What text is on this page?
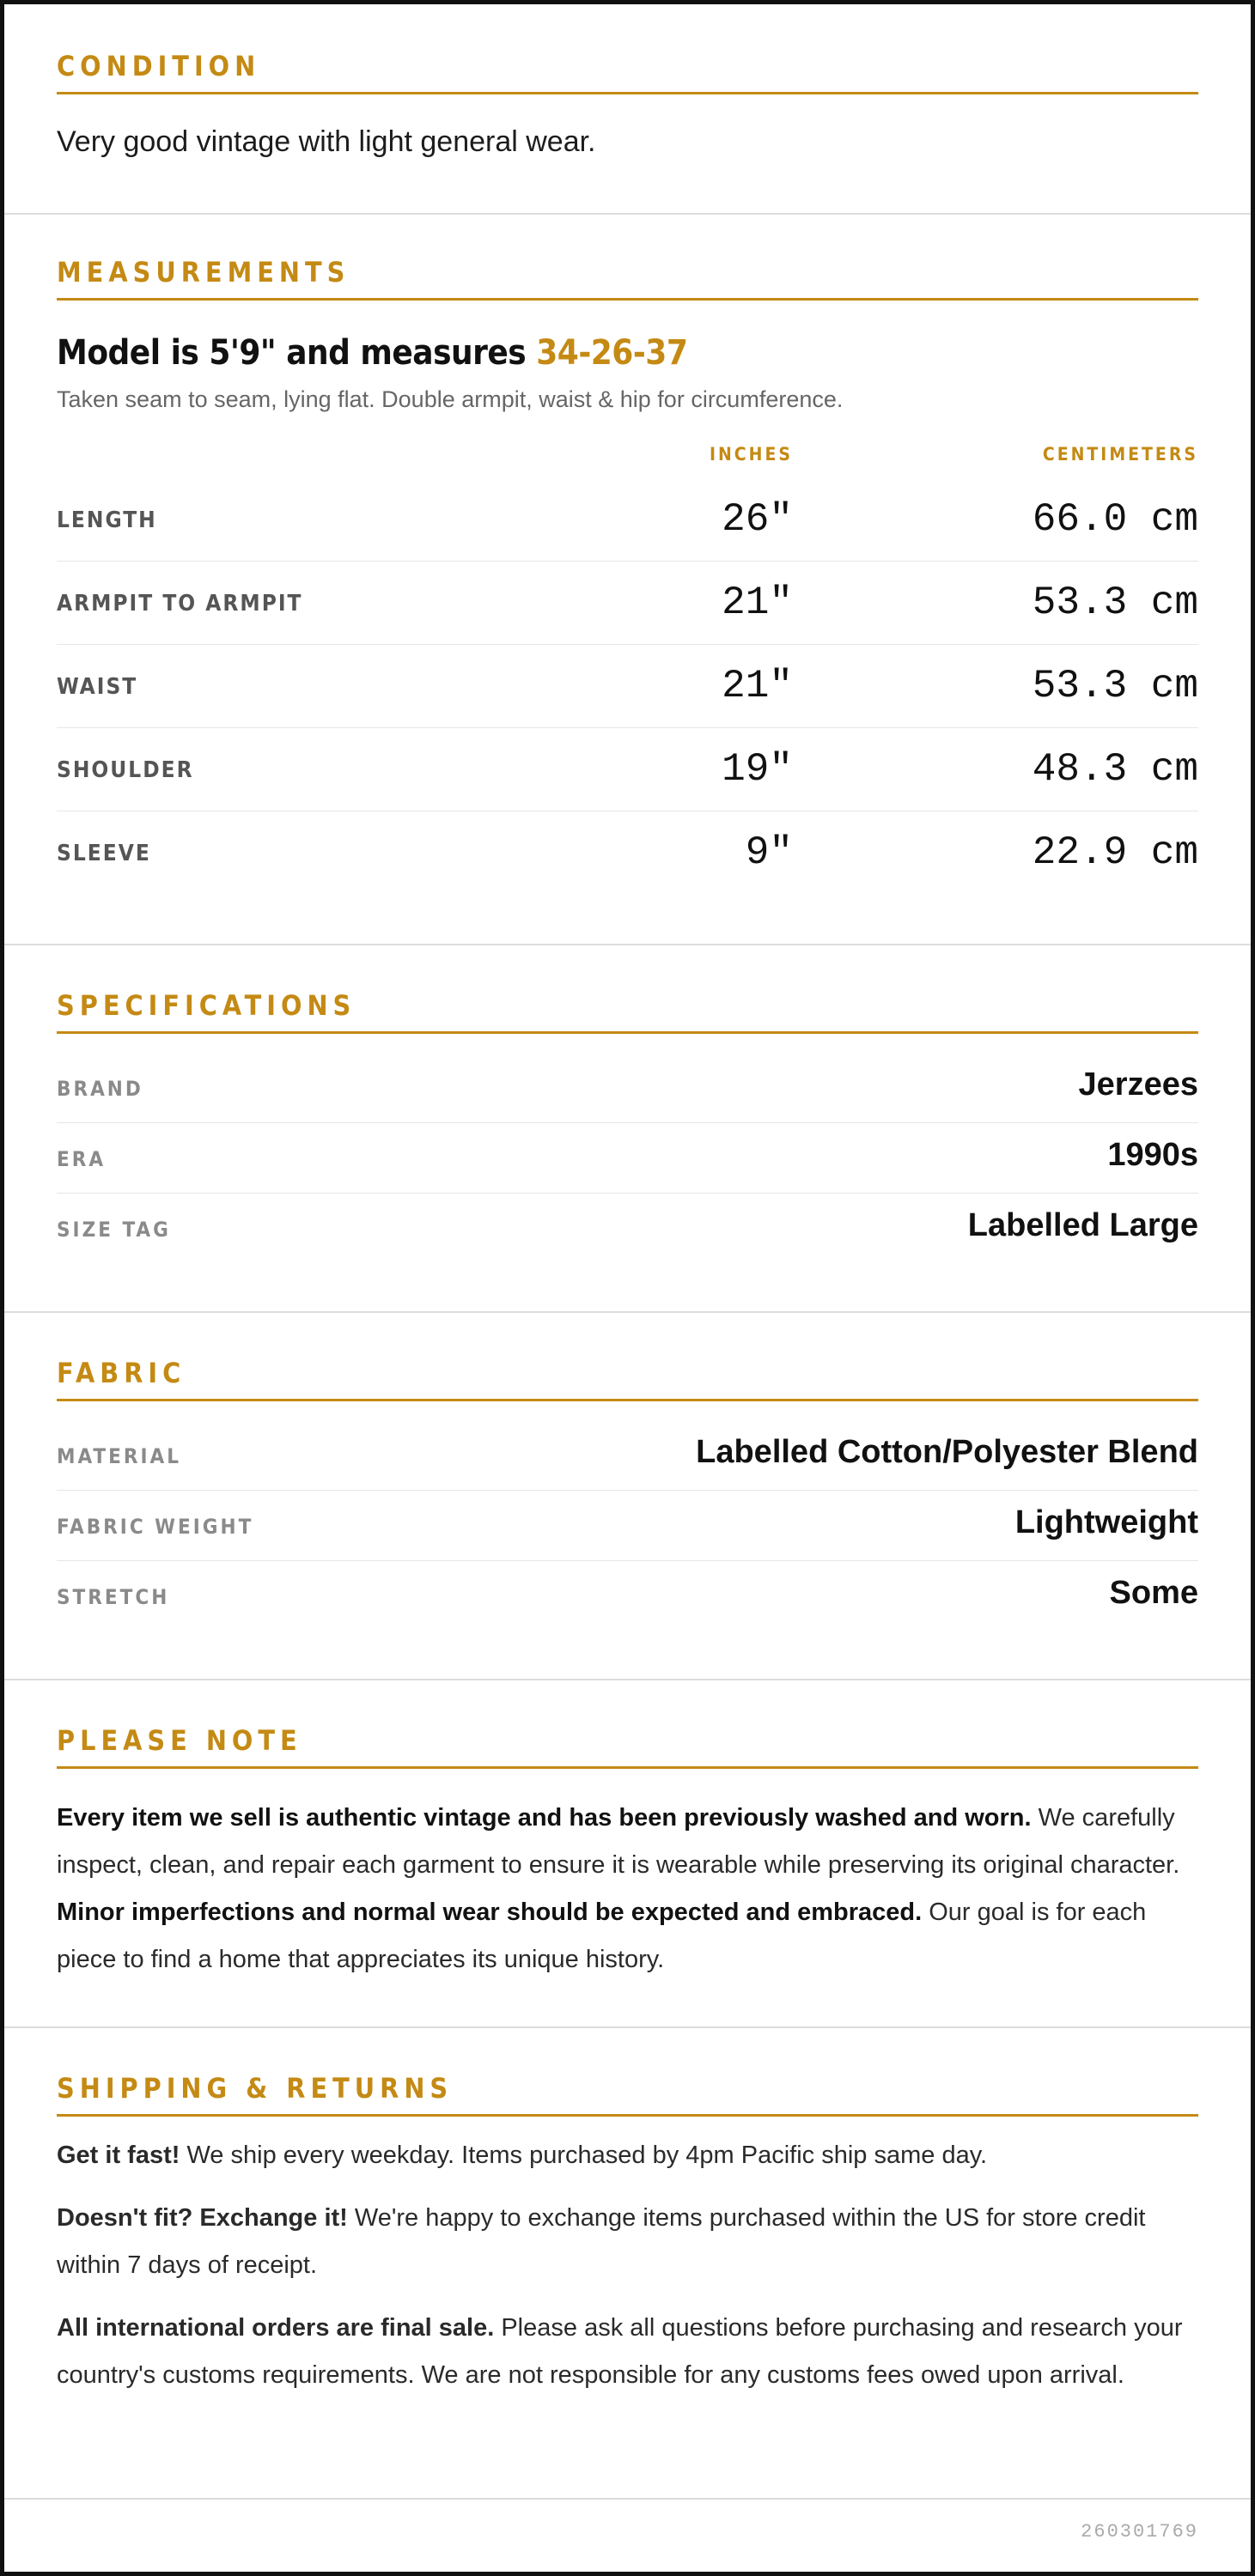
CONDITION
Very good vintage with light general wear.
MEASUREMENTS
Model is 5'9" and measures 34-26-37
Taken seam to seam, lying flat. Double armpit, waist & hip for circumference.
INCHES	CENTIMETERS
LENGTH	26"	66.0 cm
ARMPIT TO ARMPIT	21"	53.3 cm
WAIST	21"	53.3 cm
SHOULDER	19"	48.3 cm
SLEEVE	9"	22.9 cm
SPECIFICATIONS
BRAND	Jerzees
ERA	1990s
SIZE TAG	Labelled Large
FABRIC
MATERIAL	Labelled Cotton/Polyester Blend
FABRIC WEIGHT	Lightweight
STRETCH	Some
PLEASE NOTE
Every item we sell is authentic vintage and has been previously washed and worn. We carefully inspect, clean, and repair each garment to ensure it is wearable while preserving its original character. Minor imperfections and normal wear should be expected and embraced. Our goal is for each piece to find a home that appreciates its unique history.
SHIPPING & RETURNS

Get it fast! We ship every weekday. Items purchased by 4pm Pacific ship same day.

Doesn't fit? Exchange it! We're happy to exchange items purchased within the US for store credit within 7 days of receipt.

All international orders are final sale. Please ask all questions before purchasing and research your country's customs requirements. We are not responsible for any customs fees owed upon arrival.

260301769
